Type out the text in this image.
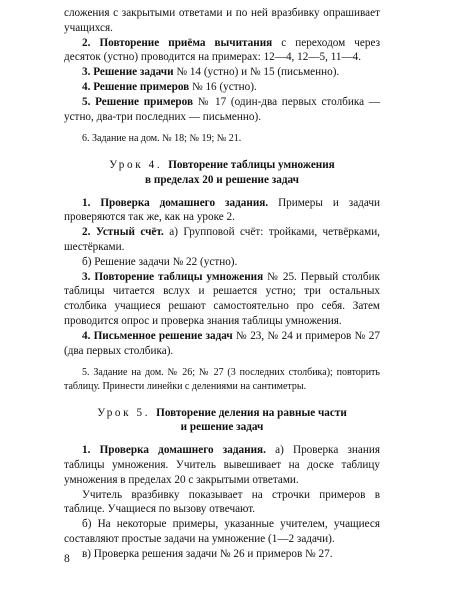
сложения с закрытыми ответами и по ней вразбивку опрашивает учащихся.

2. Повторение приёма вычитания с переходом через десяток (устно) проводится на примерах: 12—4, 12—5, 11—4.

3. Решение задачи № 14 (устно) и № 15 (письменно).

4. Решение примеров № 16 (устно).

5. Решение примеров № 17 (один-два первых столбика — устно, два-три последних — письменно).

6. Задание на дом. № 18; № 19; № 21.

Урок 4. Повторение таблицы умножения
в пределах 20 и решение задач

1. Проверка домашнего задания. Примеры и задачи проверяются так же, как на уроке 2.

2. Устный счёт. а) Групповой счёт: тройками, четвёрками, шестёрками.

б) Решение задачи № 22 (устно).

3. Повторение таблицы умножения № 25. Первый столбик таблицы читается вслух и решается устно; три остальных столбика учащиеся решают самостоятельно про себя. Затем проводится опрос и проверка знания таблицы умножения.

4. Письменное решение задач № 23, № 24 и примеров № 27 (два первых столбика).

5. Задание на дом. № 26; № 27 (3 последних столбика); повторить таблицу. Принести линейки с делениями на сантиметры.

Урок 5. Повторение деления на равные части
и решение задач

1. Проверка домашнего задания. а) Проверка знания таблицы умножения. Учитель вывешивает на доске таблицу умножения в пределах 20 с закрытыми ответами.

Учитель вразбивку показывает на строчки примеров в таблице. Учащиеся по вызову отвечают.

б) На некоторые примеры, указанные учителем, учащиеся составляют простые задачи на умножение (1—2 задачи).

в) Проверка решения задачи № 26 и примеров № 27.

8
